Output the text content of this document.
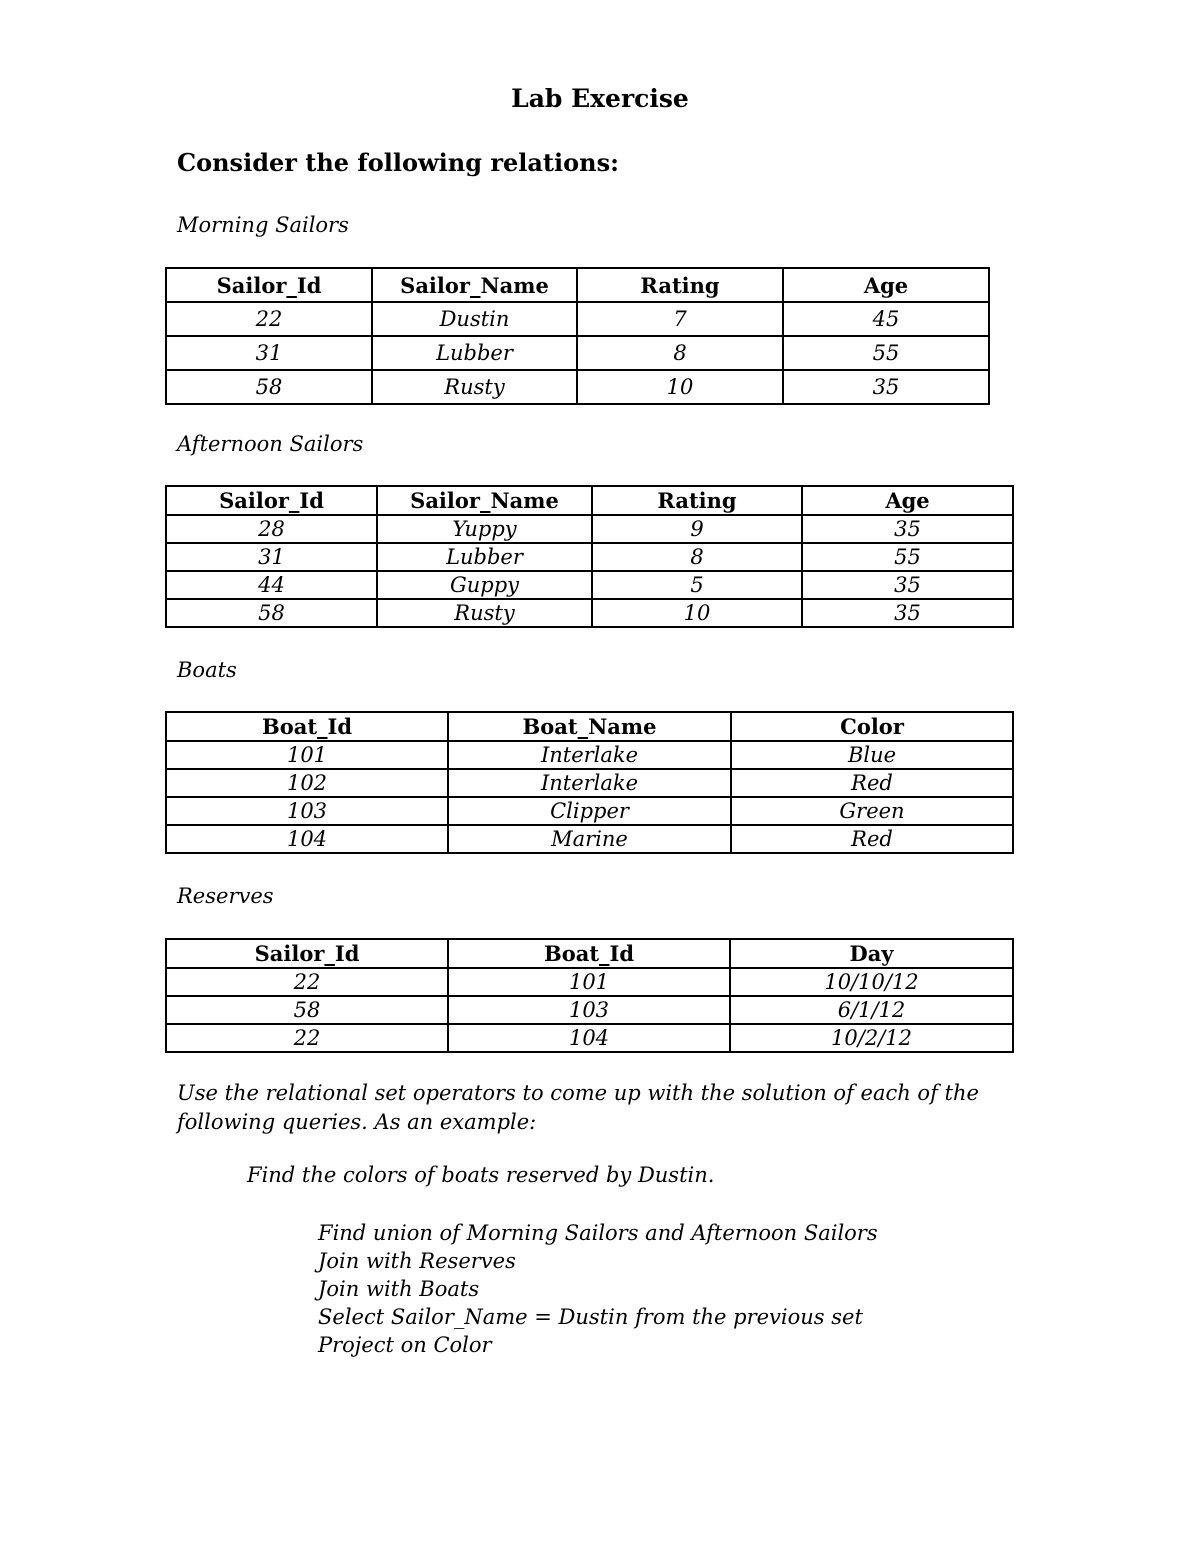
Lab Exercise
Consider the following relations:
Morning Sailors
Sailor_Id	Sailor_Name	Rating	Age
22	Dustin	7	45
31	Lubber	8	55
58	Rusty	10	35
Afternoon Sailors
Sailor_Id	Sailor_Name	Rating	Age
28	Yuppy	9	35
31	Lubber	8	55
44	Guppy	5	35
58	Rusty	10	35
Boats
Boat_Id	Boat_Name	Color
101	Interlake	Blue
102	Interlake	Red
103	Clipper	Green
104	Marine	Red
Reserves
Sailor_Id	Boat_Id	Day
22	101	10/10/12
58	103	6/1/12
22	104	10/2/12
Use the relational set operators to come up with the solution of each of the following queries. As an example:
Find the colors of boats reserved by Dustin.
Find union of Morning Sailors and Afternoon Sailors
Join with Reserves
Join with Boats
Select Sailor_Name = Dustin from the previous set
Project on Color
